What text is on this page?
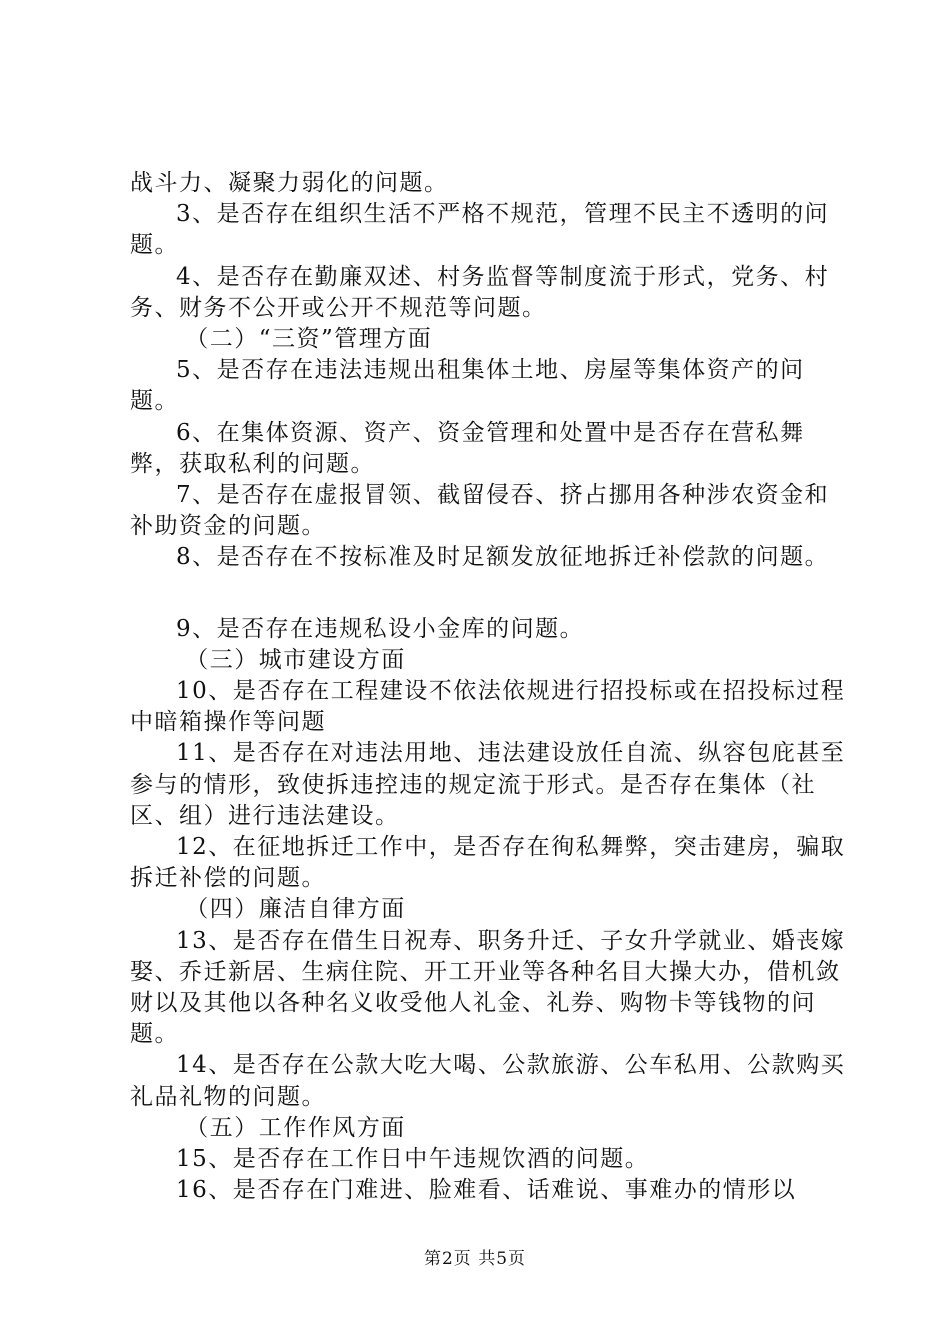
战斗力、凝聚力弱化的问题。

3、是否存在组织生活不严格不规范，管理不民主不透明的问题。

4、是否存在勤廉双述、村务监督等制度流于形式，党务、村务、财务不公开或公开不规范等问题。

（二）“三资”管理方面

5、是否存在违法违规出租集体土地、房屋等集体资产的问题。

6、在集体资源、资产、资金管理和处置中是否存在营私舞弊，获取私利的问题。

7、是否存在虚报冒领、截留侵吞、挤占挪用各种涉农资金和补助资金的问题。

8、是否存在不按标准及时足额发放征地拆迁补偿款的问题。

9、是否存在违规私设小金库的问题。

（三）城市建设方面

10、是否存在工程建设不依法依规进行招投标或在招投标过程中暗箱操作等问题

11、是否存在对违法用地、违法建设放任自流、纵容包庇甚至参与的情形，致使拆违控违的规定流于形式。是否存在集体（社区、组）进行违法建设。

12、在征地拆迁工作中，是否存在徇私舞弊，突击建房，骗取拆迁补偿的问题。

（四）廉洁自律方面

13、是否存在借生日祝寿、职务升迁、子女升学就业、婚丧嫁娶、乔迁新居、生病住院、开工开业等各种名目大操大办，借机敛财以及其他以各种名义收受他人礼金、礼券、购物卡等钱物的问题。

14、是否存在公款大吃大喝、公款旅游、公车私用、公款购买礼品礼物的问题。

（五）工作作风方面

15、是否存在工作日中午违规饮酒的问题。

16、是否存在门难进、脸难看、话难说、事难办的情形以

第2页 共5页
